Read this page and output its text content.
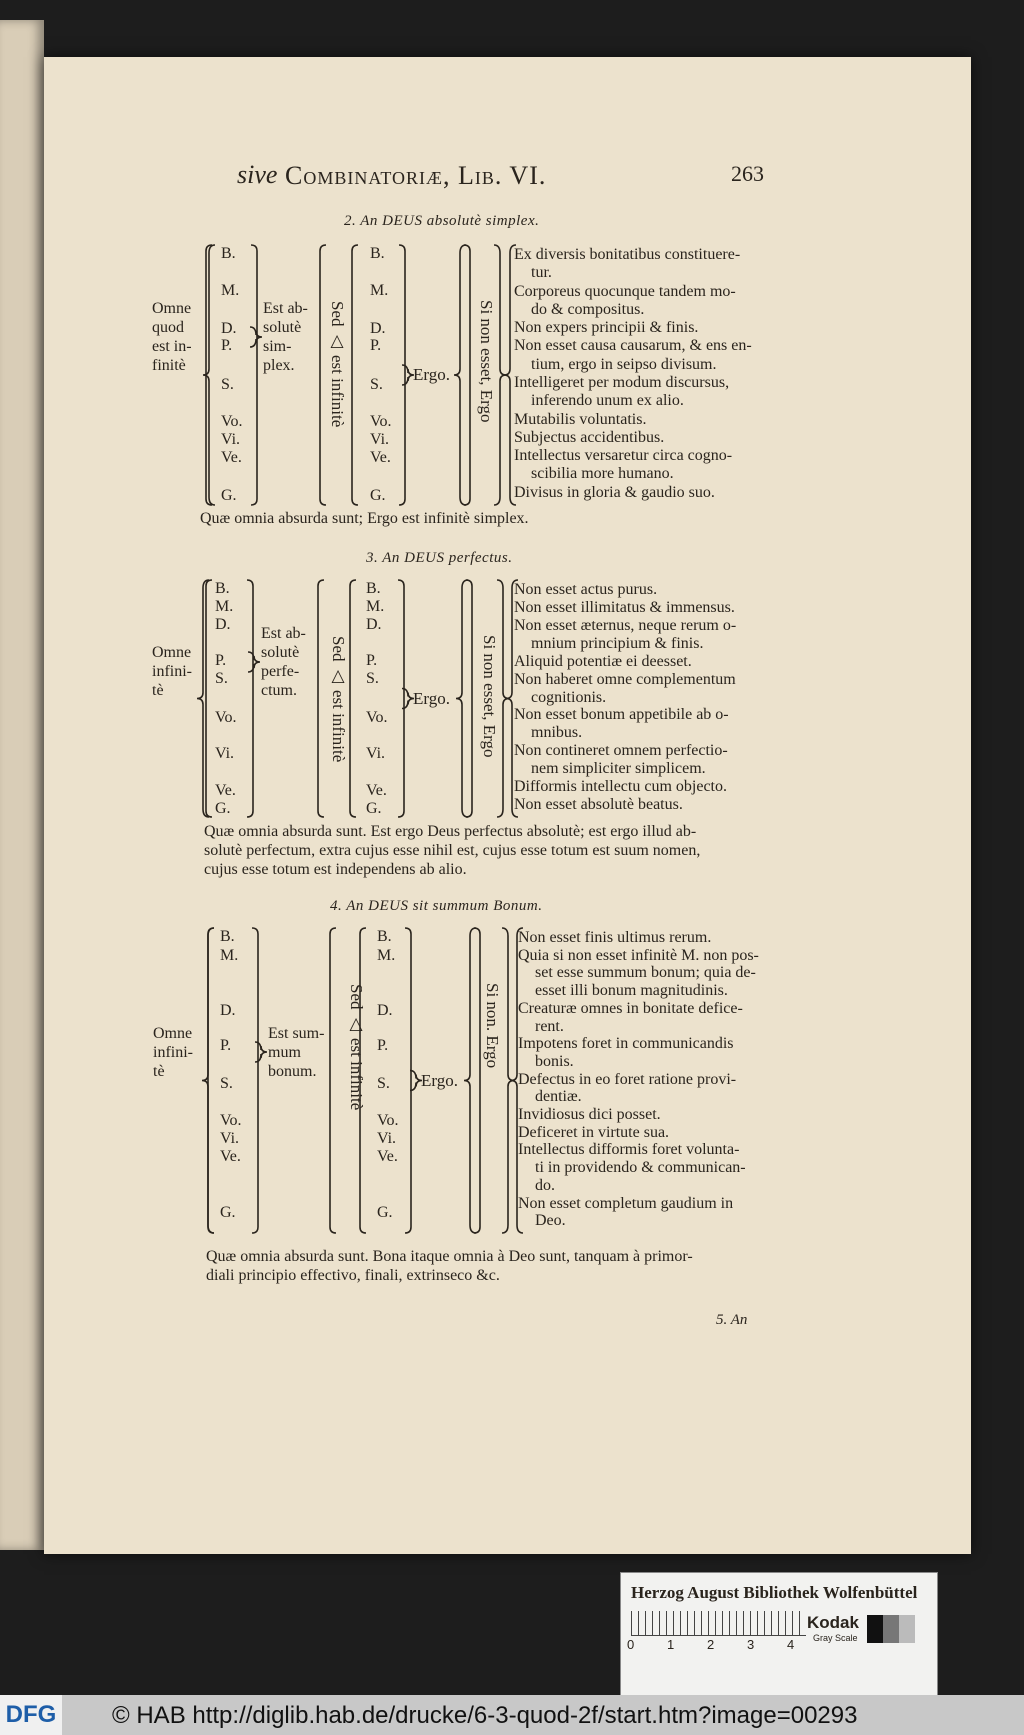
sive Combinatoriæ, Lib. VI.	263
2. An DEUS absolutè simplex.
3. An DEUS perfectus.
4. An DEUS sit summum Bonum.
5. An
Herzog August Bibliothek Wolfenbüttel
0	1	2	3	4
Kodak
Gray Scale
DFG © HAB http://diglib.hab.de/drucke/6-3-quod-2f/start.htm?image=00293
B.	B.
M.	M.
D.	D.
P.	P.
S.	S.
Vo.	Vo.
Vi.	Vi.
Ve.	Ve.
G.	G.
Omne
quod
est in-
finitè
Est ab-
solutè
sim-
plex. Sed △ est infinitè	Ergo. Si non esset, Ergo
Ex diversis bonitatibus constituere-
tur.
Corporeus quocunque tandem mo-
do & compositus.
Non expers principii & finis.
Non esset causa causarum, & ens en-
tium, ergo in seipso divisum.
Intelligeret per modum discursus,
inferendo unum ex alio.
Mutabilis voluntatis.
Subjectus accidentibus.
Intellectus versaretur circa cogno-
scibilia more humano.
Divisus in gloria & gaudio suo.
Quæ omnia absurda sunt; Ergo est infinitè simplex.
B.	B.
M.	M.
D.	D.
P.	P.
S.	S.
Vo.	Vo.
Vi.	Vi.
Ve.	Ve.
G.	G.
Omne
infini-
tè
Est ab-
solutè
perfe-
ctum. Sed △ est infinitè	Ergo. Si non esset, Ergo
Non esset actus purus.
Non esset illimitatus & immensus.
Non esset æternus, neque rerum o-
mnium principium & finis.
Aliquid potentiæ ei deesset.
Non haberet omne complementum
cognitionis.
Non esset bonum appetibile ab o-
mnibus.
Non contineret omnem perfectio-
nem simpliciter simplicem.
Difformis intellectu cum objecto.
Non esset absolutè beatus.
Quæ omnia absurda sunt. Est ergo Deus perfectus absolutè; est ergo illud ab-
solutè perfectum, extra cujus esse nihil est, cujus esse totum est suum nomen,
cujus esse totum est independens ab alio.
B.	B.
M.	M.
D.	D.
P.	P.
S.	S.
Vo.	Vo.
Vi.	Vi.
Ve.	Ve.
G.	G.
Omne
infini-
tè
Est sum-
mum
bonum. Sed △ est infinitè	Ergo.
Si non. Ergo
Non esset finis ultimus rerum.
Quia si non esset infinitè M. non pos-
set esse summum bonum; quia de-
esset illi bonum magnitudinis.
Creaturæ omnes in bonitate defice-
rent.
Impotens foret in communicandis
bonis.
Defectus in eo foret ratione provi-
dentiæ.
Invidiosus dici posset.
Deficeret in virtute sua.
Intellectus difformis foret volunta-
ti in providendo & communican-
do.
Non esset completum gaudium in
Deo.
Quæ omnia absurda sunt. Bona itaque omnia à Deo sunt, tanquam à primor-
diali principio effectivo, finali, extrinseco &c.
